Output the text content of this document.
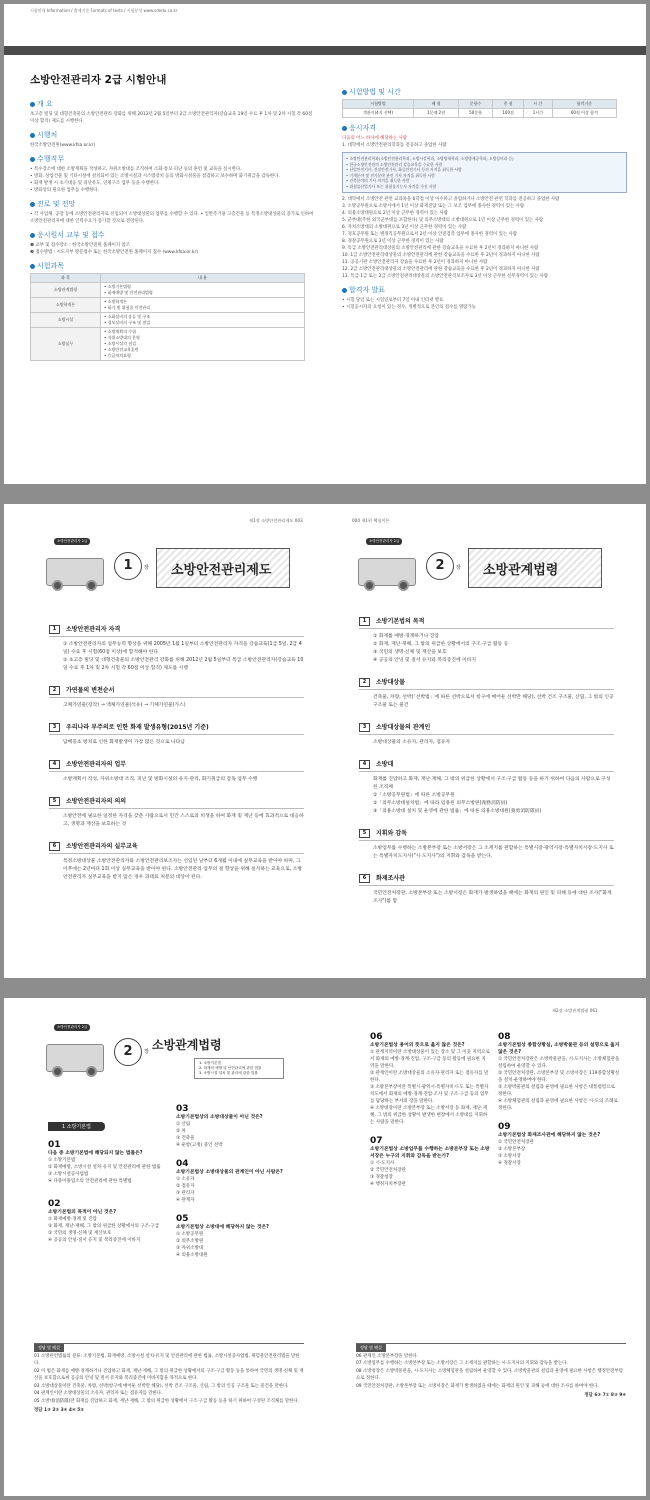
시험안내 Information / 출제기준 Formats of tests / 시험분석 www.sdedu.co.kr
Guide
소방안전관리자 2급 시험안내
개 요
초고층 빌딩 및 대형건축물의 소방안전관리 강화를 위해 2012년 2월 5일부터 2급 소방안전관리자(강습교육 19일 수료 후 1차 및 2차 시험 각 60점 이상 합격) 제도를 시행한다.
시행처
한국소방안전원(www.kfsa.or.kr)
수행직무
• 특수장소에 대한 소방계획을 작성하고, 자위소방대를 조직하여 소화·통보·피난 등의 훈련 및 교육을 실시한다.
• 방화, 상업건물 및 기타시설에 설치되어 있는 소방시설과 시스템장치 등의 방화시설물을 점검하고 보수하며 화기취급을 감독한다.
• 화재 발생 시 초기대응 및 피난유도, 인명구조 업무 등을 수행한다.
• 방화상의 필요한 업무를 수행한다.
진로 및 전망
• 각 사업체, 공장 등에 소방안전관리자로 선임되어 소방대상물의 업무를 수행할 수 있다. • 일반주거용 고층건물 등 특정소방대상물의 증가로 인하여 소방안전관리자에 대한 인력수요가 증가할 것으로 전망된다.
응시원서 교부 및 접수
❶ 교부 및 접수장소 : 한국소방안전원 홈페이지 참조
❷ 접수방법 : 시도지부 방문접수 또는 한국소방안전원 홈페이지 접수 (www.kfsa.or.kr)
시험과목
과 목	내 용
소방관계법령	• 소방기본법령
• 화재예방 및 안전관리법령
소방학개론	• 소방학개론
• 화기 및 위험물 안전관리
소방시설	• 소화설비의 종류 및 구조
• 경보설비의 구조 및 점검
소방실무	• 소방계획의 수립
• 자위소방대의 운영
• 소방시설의 점검
• 소방안전교육훈련
• 응급처치요령
시험방법 및 시간
시험방법	배 점	문항수	총 점	시 간	합격기준
객관식(4지 선택)	1문제 2점	50문항	100점	1시간	60점 이상 합격
응시자격
다음의 어느 하나에 해당하는 사람
1. 대학에서 소방안전관리학과를 전공하고 졸업한 사람
• 소방안전관리학과(소방안전관리학과, 소방시설학과, 소방방재학과, 소방방재공학과, 소방설비과 등)
• 한국소방안전원의 소방안전관리 강습교육을 수료한 사람
• 산업안전기사, 건설안전기사, 화공안전기사 등의 자격을 취득한 사람
• 기계분야 및 전기분야 관련 기사 자격을 취득한 사람
• 건축분야의 기사 자격을 취득한 사람
• 위험물산업기사 또는 위험물기능사 자격을 가진 사람
2. 대학에서 소방안전 관련 교과목을 6학점 이상 이수하고 졸업하거나 소방안전 관련 학과를 전공하고 졸업한 사람
3. 소방공무원으로 소방서에서 1년 이상 화재진압 또는 그 보조 업무에 종사한 경력이 있는 사람
4. 의용소방대원으로 2년 이상 근무한 경력이 있는 사람
5. 군부대(주한 외국군부대를 포함한다) 및 의무소방대의 소방대원으로 1년 이상 근무한 경력이 있는 사람
6. 자치소방대의 소방대원으로 3년 이상 근무한 경력이 있는 사람
7. 경호공무원 또는 별정직공무원으로서 2년 이상 안전검측 업무에 종사한 경력이 있는 사람
8. 경찰공무원으로 3년 이상 근무한 경력이 있는 사람
9. 특급 소방안전관리대상물의 소방안전관리에 관한 강습교육을 수료한 후 2년이 경과하지 아니한 사람
10. 1급 소방안전관리대상물의 소방안전관리에 관한 강습교육을 수료한 후 2년이 경과하지 아니한 사람
11. 공공기관 소방안전관리자 강습을 수료한 후 2년이 경과하지 아니한 사람
12. 2급 소방안전관리대상물의 소방안전관리에 관한 강습교육을 수료한 후 2년이 경과하지 아니한 사람
13. 특급·1급 또는 2급 소방안전관리대상물의 소방안전관리보조자로 3년 이상 근무한 실무경력이 있는 사람
합격자 발표
• 시험 당일 또는 시험일로부터 7일 이내 인터넷 발표
• 시험응시자의 요청이 있는 경우, 개별적으로 본인의 점수를 열람가능
제1장 소방안전관리제도 003	004 제1편 핵심이론
소방안전관리자 2급
1	장	소방안전관리제도
소방안전관리자 2급
2	장	소방관계법령
1 소방안전관리자 자격
① 소방안전관리자의 업무능력 향상을 위해 2005년 1월 1일부터 소방안전관리자 자격을 강습교육(1급 5일, 2급 4일) 수료 후 시험(60점 이상)에 합격해야 한다.
② 초고층 빌딩 및 대형건축물의 소방안전관리 강화를 위해 2012년 2월 5일부터 특급 소방안전관리자(강습교육 10일 수료 후 1차 및 2차 시험 각 60점 이상 합격) 제도를 시행
2 가연물의 변천순서
고체가연물(장작) → 액체가연물(석유) → 기체가연물(가스)
3 우리나라 부주의로 인한 화재 발생유형(2015년 기준)
담배꽁초 방치로 인한 화재발생이 가장 많은 것으로 나타남
4 소방안전관리자의 업무
소방계획서 작성, 자위소방대 조직, 피난 및 방화시설의 유지·관리, 화기취급의 감독 업무 수행
5 소방안전관리자의 의의
소방안전에 필요한 일정한 자격을 갖춘 사람으로서 민간 스스로의 희생을 하여 화재 및 재난 등에 효과적으로 대응하고, 생명과 재산을 보호하는 것
6 소방안전관리자의 실무교육
특정소방대상물 소방안전관리자와 소방안전관리보조자는 선임된 날부터 6개월 이내에 실무교육을 받아야 하며, 그 이후에는 2년마다 1회 이상 실무교육을 받아야 한다. 소방안전관리 업무의 질 향상을 위해 실시하는 교육으로, 소방안전관리자 실무교육을 받지 않은 경우 과태료 처분의 대상이 된다.
1 소방기본법의 목적
① 화재를 예방·경계하거나 진압
② 화재, 재난·재해, 그 밖의 위급한 상황에서의 구조·구급 활동 등
③ 국민의 생명·신체 및 재산을 보호
④ 공공의 안녕 및 질서 유지와 복리증진에 이바지
2 소방대상물
건축물, 차량, 선박(「선박법」에 따른 선박으로서 항구에 매어둔 선박만 해당), 선박 건조 구조물, 산림, 그 밖의 인공 구조물 또는 물건
3 소방대상물의 관계인
소방대상물의 소유자, 관리자, 점유자
4 소방대
화재를 진압하고 화재, 재난·재해, 그 밖의 위급한 상황에서 구조·구급 활동 등을 하기 위하여 다음의 사람으로 구성된 조직체
①「소방공무원법」에 따른 소방공무원
②「의무소방대설치법」에 따라 임용된 의무소방원(義務消防員)
③「의용소방대 설치 및 운영에 관한 법률」에 따른 의용소방대원(義勇消防隊員)
5 지휘와 감독
소방업무를 수행하는 소방본부장 또는 소방서장은 그 소재지를 관할하는 특별시장·광역시장·특별자치시장·도지사 또는 특별자치도지사("시·도지사")의 지휘와 감독을 받는다.
6 화재조사관
국민안전처장관, 소방본부장 또는 소방서장은 화재가 발생하였을 때에는 화재의 원인 및 피해 등에 대한 조사("화재조사")를 함
제2장 소방관계법령 061
소방안전관리자 2급
2	장 소방관계법령
1. 소방기본법
2. 화재의 예방 및 안전관리에 관한 법률
3. 소방시설 설치 및 관리에 관한 법률
1 소방기본법
01
다음 중 소방기본법에 해당되지 않는 법률은?
① 소방기본법
② 화재예방, 소방시설 설치·유지 및 안전관리에 관한 법률
③ 소방시설공사업법
④ 다중이용업소의 안전관리에 관한 특별법
02
소방기본법의 목적이 아닌 것은?
① 화재예방·경계 및 진압
② 화재, 재난·재해, 그 밖의 위급한 상황에서의 구조·구급
③ 국민의 생명·신체 및 재산보호
④ 공공의 안녕·질서 유지 및 복리증진에 이바지
03
소방기본법상의 소방대상물이 아닌 것은?
① 산림
② 차
③ 건축물
④ 운항(고정) 중인 선박
04
소방기본법상 소방대상물의 관계인이 아닌 사람은?
① 소유자
② 점유자
③ 관리자
④ 관계자
05
소방기본법상 소방대에 해당하지 않는 것은?
① 소방공무원
② 의무소방원
③ 자위소방대
④ 의용소방대원
06
소방기본법상 용어의 뜻으로 옳지 않은 것은?
① 관계지역이란 소방대상물이 있는 장소 및 그 이웃 지역으로서 화재의 예방·경계·진압, 구조·구급 등의 활동에 필요한 지역을 말한다.
② 관계인이란 소방대상물의 소유자·관리자 또는 점유자를 말한다.
③ 소방본부장이란 특별시·광역시·특별자치시·도 또는 특별자치도에서 화재의 예방·경계·진압·조사 및 구조·구급 등의 업무를 담당하는 부서의 장을 말한다.
④ 소방대장이란 소방본부장 또는 소방서장 등 화재, 재난·재해, 그 밖의 위급한 상황이 발생한 현장에서 소방대를 지휘하는 사람을 말한다.
07
소방기본법상 소방업무를 수행하는 소방본부장 또는 소방서장은 누구의 지휘와 감독을 받는가?
① 시·도지사
② 국민안전처장관
③ 경찰청장
④ 행정자치부장관
08
소방기본법상 종합상황실, 소방박물관 등의 설명으로 옳지 않은 것은?
① 국민안전처장관은 소방박물관을, 시·도지사는 소방체험관을 설립하여 운영할 수 있다.
② 국민안전처장관, 소방본부장 및 소방서장은 119종합상황실을 설치·운영하여야 한다.
③ 소방박물관의 설립과 운영에 필요한 사항은 대통령령으로 정한다.
④ 소방체험관의 설립과 운영에 필요한 사항은 시·도의 조례로 정한다.
09
소방기본법상 화재조사관에 해당하지 않는 것은?
① 국민안전처장관
② 소방본부장
③ 소방서장
④ 경찰서장
정답 및 해설
01 소방관련법률의 분류: 소방기본법, 화재예방, 소방시설 설치·유지 및 안전관리에 관한 법률, 소방시설공사업법, 위험물안전관리법을 말한다.
02 이 법은 화재를 예방·경계하거나 진압하고 화재, 재난·재해, 그 밖의 위급한 상황에서의 구조·구급 활동 등을 통하여 국민의 생명·신체 및 재산을 보호함으로써 공공의 안녕 및 질서 유지와 복리증진에 이바지함을 목적으로 한다.
03 소방대상물이란 건축물, 차량, 선박(항구에 매어둔 선박만 해당), 선박 건조 구조물, 산림, 그 밖의 인공 구조물 또는 물건을 말한다.
04 관계인이란 소방대상물의 소유자, 관리자 또는 점유자를 말한다.
05 소방대(消防隊)란 화재를 진압하고 화재, 재난·재해, 그 밖의 위급한 상황에서 구조·구급 활동 등을 하기 위하여 구성된 조직체를 말한다.
정답 1③ 2③ 3④ 4④ 5③
정답 및 해설
06 관계인 소방본부장을 말한다.
07 소방업무를 수행하는 소방본부장 또는 소방서장은 그 소재지를 관할하는 시·도지사의 지휘와 감독을 받는다.
08 소방청장은 소방박물관을, 시·도지사는 소방체험관을 설립하여 운영할 수 있다. 소방박물관의 설립과 운영에 필요한 사항은 행정안전부령으로 정한다.
09 국민안전처장관, 소방본부장 또는 소방서장은 화재가 발생하였을 때에는 화재의 원인 및 피해 등에 대한 조사를 하여야 한다.
정답 6③ 7① 8③ 9④
